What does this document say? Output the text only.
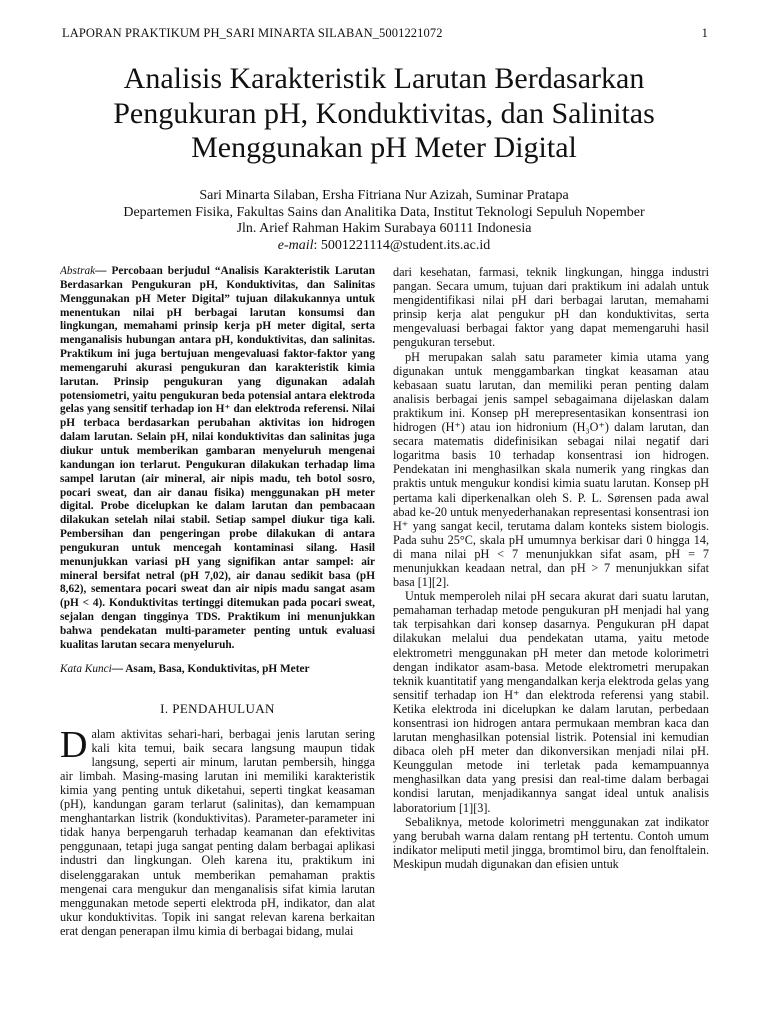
LAPORAN PRAKTIKUM PH_SARI MINARTA SILABAN_5001221072	1
Analisis Karakteristik Larutan Berdasarkan
Pengukuran pH, Konduktivitas, dan Salinitas
Menggunakan pH Meter Digital
Sari Minarta Silaban, Ersha Fitriana Nur Azizah, Suminar Pratapa
Departemen Fisika, Fakultas Sains dan Analitika Data, Institut Teknologi Sepuluh Nopember
Jln. Arief Rahman Hakim Surabaya 60111 Indonesia
e-mail: 5001221114@student.its.ac.id

Abstrak— Percobaan berjudul “Analisis Karakteristik Larutan Berdasarkan Pengukuran pH, Konduktivitas, dan Salinitas Menggunakan pH Meter Digital” tujuan dilakukannya untuk menentukan nilai pH berbagai larutan konsumsi dan lingkungan, memahami prinsip kerja pH meter digital, serta menganalisis hubungan antara pH, konduktivitas, dan salinitas. Praktikum ini juga bertujuan mengevaluasi faktor-faktor yang memengaruhi akurasi pengukuran dan karakteristik kimia larutan. Prinsip pengukuran yang digunakan adalah potensiometri, yaitu pengukuran beda potensial antara elektroda gelas yang sensitif terhadap ion H⁺ dan elektroda referensi. Nilai pH terbaca berdasarkan perubahan aktivitas ion hidrogen dalam larutan. Selain pH, nilai konduktivitas dan salinitas juga diukur untuk memberikan gambaran menyeluruh mengenai kandungan ion terlarut. Pengukuran dilakukan terhadap lima sampel larutan (air mineral, air nipis madu, teh botol sosro, pocari sweat, dan air danau fisika) menggunakan pH meter digital. Probe dicelupkan ke dalam larutan dan pembacaan dilakukan setelah nilai stabil. Setiap sampel diukur tiga kali. Pembersihan dan pengeringan probe dilakukan di antara pengukuran untuk mencegah kontaminasi silang. Hasil menunjukkan variasi pH yang signifikan antar sampel: air mineral bersifat netral (pH 7,02), air danau sedikit basa (pH 8,62), sementara pocari sweat dan air nipis madu sangat asam (pH < 4). Konduktivitas tertinggi ditemukan pada pocari sweat, sejalan dengan tingginya TDS. Praktikum ini menunjukkan bahwa pendekatan multi-parameter penting untuk evaluasi kualitas larutan secara menyeluruh.

Kata Kunci— Asam, Basa, Konduktivitas, pH Meter

I. PENDAHULUAN

Dalam aktivitas sehari-hari, berbagai jenis larutan sering kali kita temui, baik secara langsung maupun tidak langsung, seperti air minum, larutan pembersih, hingga air limbah. Masing-masing larutan ini memiliki karakteristik kimia yang penting untuk diketahui, seperti tingkat keasaman (pH), kandungan garam terlarut (salinitas), dan kemampuan menghantarkan listrik (konduktivitas). Parameter-parameter ini tidak hanya berpengaruh terhadap keamanan dan efektivitas penggunaan, tetapi juga sangat penting dalam berbagai aplikasi industri dan lingkungan. Oleh karena itu, praktikum ini diselenggarakan untuk memberikan pemahaman praktis mengenai cara mengukur dan menganalisis sifat kimia larutan menggunakan metode seperti elektroda pH, indikator, dan alat ukur konduktivitas. Topik ini sangat relevan karena berkaitan erat dengan penerapan ilmu kimia di berbagai bidang, mulai

dari kesehatan, farmasi, teknik lingkungan, hingga industri pangan. Secara umum, tujuan dari praktikum ini adalah untuk mengidentifikasi nilai pH dari berbagai larutan, memahami prinsip kerja alat pengukur pH dan konduktivitas, serta mengevaluasi berbagai faktor yang dapat memengaruhi hasil pengukuran tersebut.

pH merupakan salah satu parameter kimia utama yang digunakan untuk menggambarkan tingkat keasaman atau kebasaan suatu larutan, dan memiliki peran penting dalam analisis berbagai jenis sampel sebagaimana dijelaskan dalam praktikum ini. Konsep pH merepresentasikan konsentrasi ion hidrogen (H⁺) atau ion hidronium (H₃O⁺) dalam larutan, dan secara matematis didefinisikan sebagai nilai negatif dari logaritma basis 10 terhadap konsentrasi ion hidrogen. Pendekatan ini menghasilkan skala numerik yang ringkas dan praktis untuk mengukur kondisi kimia suatu larutan. Konsep pH pertama kali diperkenalkan oleh S. P. L. Sørensen pada awal abad ke-20 untuk menyederhanakan representasi konsentrasi ion H⁺ yang sangat kecil, terutama dalam konteks sistem biologis. Pada suhu 25°C, skala pH umumnya berkisar dari 0 hingga 14, di mana nilai pH < 7 menunjukkan sifat asam, pH = 7 menunjukkan keadaan netral, dan pH > 7 menunjukkan sifat basa [1][2].

Untuk memperoleh nilai pH secara akurat dari suatu larutan, pemahaman terhadap metode pengukuran pH menjadi hal yang tak terpisahkan dari konsep dasarnya. Pengukuran pH dapat dilakukan melalui dua pendekatan utama, yaitu metode elektrometri menggunakan pH meter dan metode kolorimetri dengan indikator asam-basa. Metode elektrometri merupakan teknik kuantitatif yang mengandalkan kerja elektroda gelas yang sensitif terhadap ion H⁺ dan elektroda referensi yang stabil. Ketika elektroda ini dicelupkan ke dalam larutan, perbedaan konsentrasi ion hidrogen antara permukaan membran kaca dan larutan menghasilkan potensial listrik. Potensial ini kemudian dibaca oleh pH meter dan dikonversikan menjadi nilai pH. Keunggulan metode ini terletak pada kemampuannya menghasilkan data yang presisi dan real-time dalam berbagai kondisi larutan, menjadikannya sangat ideal untuk analisis laboratorium [1][3].

Sebaliknya, metode kolorimetri menggunakan zat indikator yang berubah warna dalam rentang pH tertentu. Contoh umum indikator meliputi metil jingga, bromtimol biru, dan fenolftalein. Meskipun mudah digunakan dan efisien untuk
